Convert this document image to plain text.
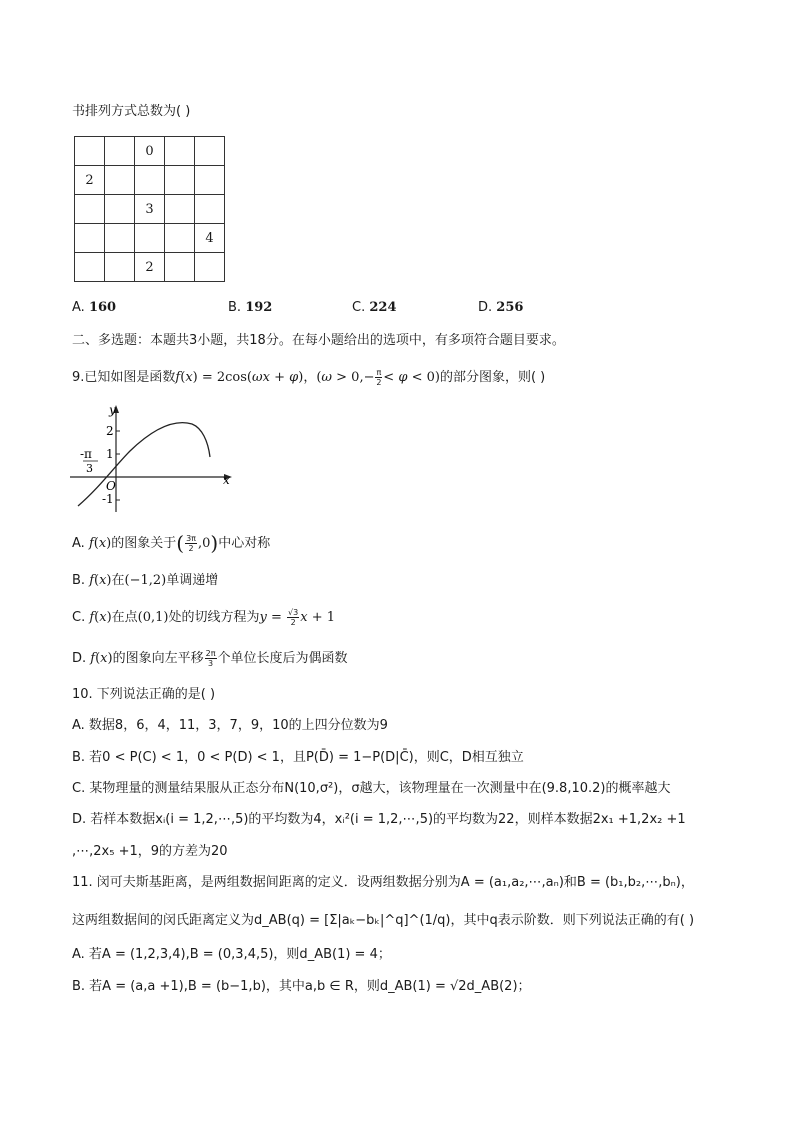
书排列方式总数为( )
		0		
2				
		3		
				4
		2		
A. 160	B. 192	C. 224	D. 256
二、多选题：本题共3小题，共18分。在每小题给出的选项中，有多项符合题目要求。
9.已知如图是函数f(x) = 2cos(ωx + φ)，$(\omega > 0,- \frac{\pi}{2} < \varphi < 0)$的部分图象，则( )
y
x
O
2
1
-1
-π
3
A. f(x)的图象关于( $\frac{3\pi}{2} ,0$)中心对称
B. f(x)在(−1,2)单调递增
C. f(x)在点(0,1)处的切线方程为$y = \frac{√3}{2}$ x + 1
D. f(x)的图象向左平移 $\frac{2\pi}{3}$ 个单位长度后为偶函数
10. 下列说法正确的是( )
A. 数据8，6，4，11，3，7，9，10的上四分位数为9
B. 若0 < P(C) < 1，0 < P(D) < 1，且P(D̄) = 1−P(D|C̄)，则C，D相互独立
C. 某物理量的测量结果服从正态分布N(10,σ²)，σ越大，该物理量在一次测量中在(9.8,10.2)的概率越大
D. 若样本数据xᵢ(i = 1,2,⋯,5)的平均数为4，xᵢ²(i = 1,2,⋯,5)的平均数为22，则样本数据2x₁ +1,2x₂ +1
,⋯,2x₅ +1，9的方差为20
11. 闵可夫斯基距离，是两组数据间距离的定义．设两组数据分别为A = (a₁,a₂,⋯,aₙ)和B = (b₁,b₂,⋯,bₙ)，
这两组数据间的闵氏距离定义为d_AB(q) = [Σ|aₖ−bₖ|^q]^(1/q)，其中q表示阶数．则下列说法正确的有( )
A. 若A = (1,2,3,4),B = (0,3,4,5)，则d_AB(1) = 4；
B. 若A = (a,a +1),B = (b−1,b)，其中a,b ∈ R，则d_AB(1) = √2d_AB(2)；
